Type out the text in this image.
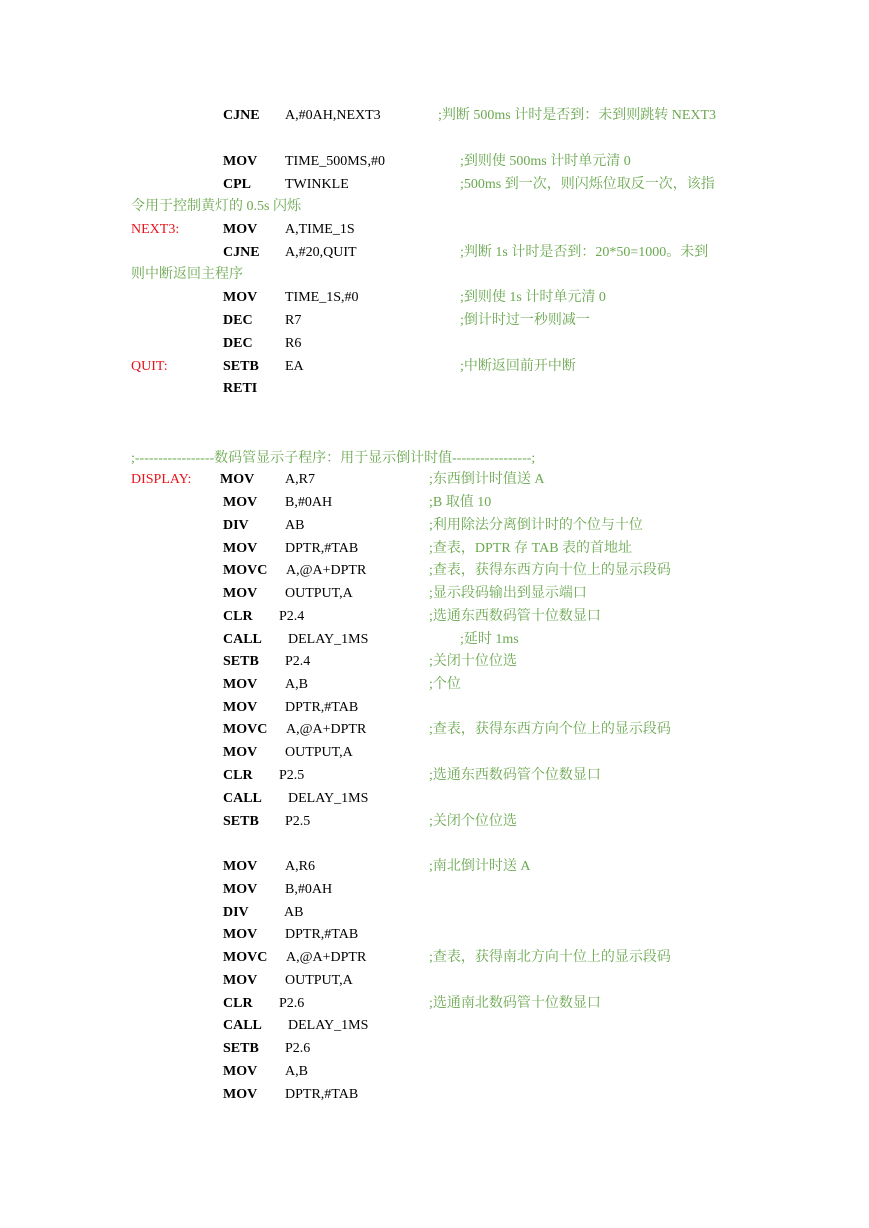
CJNE A,#0AH,NEXT3	;判断 500ms 计时是否到：未到则跳转 NEXT3
MOV TIME_500MS,#0	;到则使 500ms 计时单元清 0
CPL TWINKLE	;500ms 到一次，则闪烁位取反一次，该指
令用于控制黄灯的 0.5s 闪烁
NEXT3:	MOV A,TIME_1S
CJNE A,#20,QUIT	;判断 1s 计时是否到：20*50=1000。未到
则中断返回主程序
MOV TIME_1S,#0	;到则使 1s 计时单元清 0
DEC R7	;倒计时过一秒则减一
DEC R6
QUIT:	SETB EA	;中断返回前开中断
RETI
;-----------------数码管显示子程序：用于显示倒计时值-----------------;
DISPLAY: MOV A,R7	;东西倒计时值送 A
MOV B,#0AH	;B 取值 10
DIV	AB	;利用除法分离倒计时的个位与十位
MOV DPTR,#TAB	;查表，DPTR 存 TAB 表的首地址
MOVC A,@A+DPTR	;查表，获得东西方向十位上的显示段码
MOV OUTPUT,A	;显示段码输出到显示端口
CLR P2.4	;选通东西数码管十位数显口
CALL DELAY_1MS	;延时 1ms
SETB P2.4	;关闭十位位选
MOV A,B	;个位
MOV DPTR,#TAB
MOVC A,@A+DPTR	;查表，获得东西方向个位上的显示段码
MOV OUTPUT,A
CLR P2.5	;选通东西数码管个位数显口
CALL DELAY_1MS
SETB P2.5	;关闭个位位选
MOV A,R6	;南北倒计时送 A
MOV B,#0AH
DIV	AB
MOV DPTR,#TAB
MOVC A,@A+DPTR	;查表，获得南北方向十位上的显示段码
MOV OUTPUT,A
CLR P2.6	;选通南北数码管十位数显口
CALL DELAY_1MS
SETB P2.6
MOV A,B
MOV DPTR,#TAB
